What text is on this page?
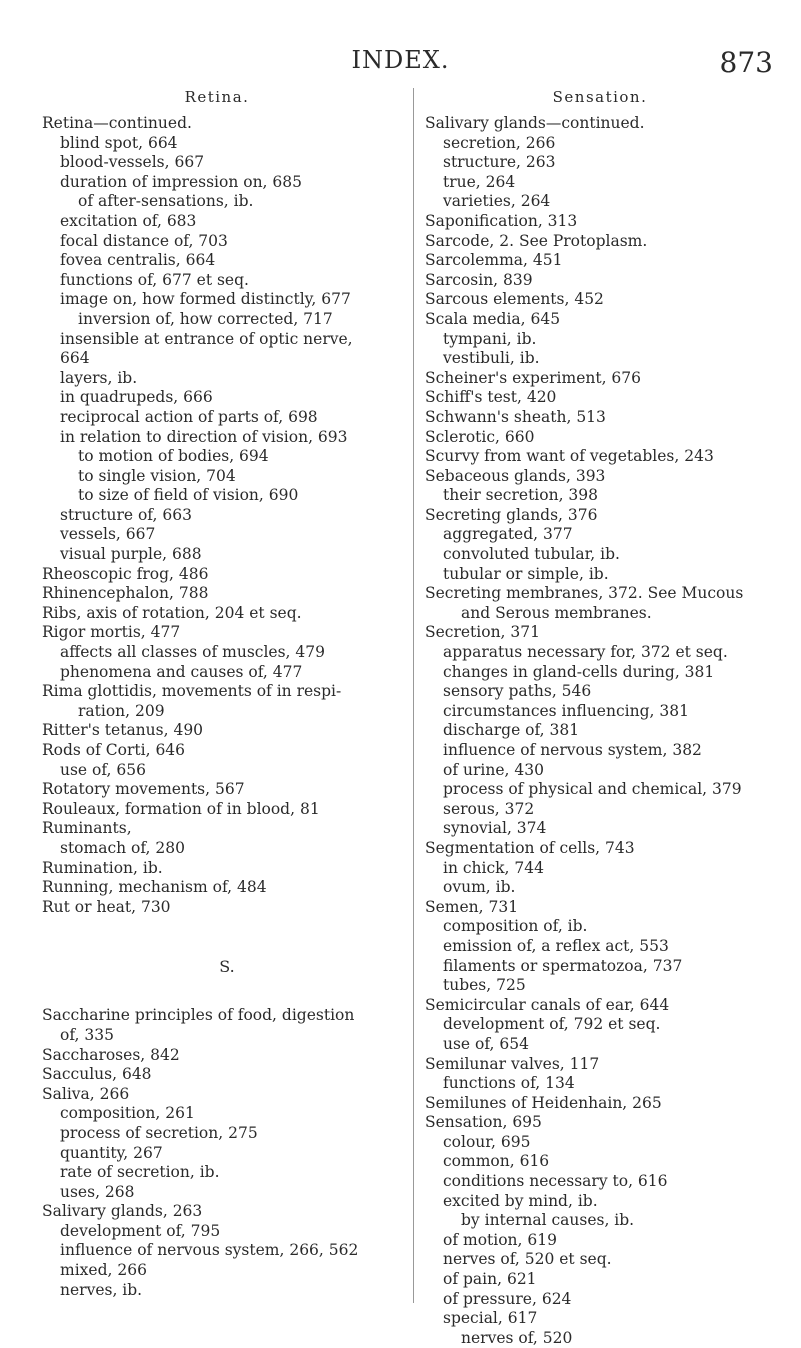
INDEX.	873
Retina.
Retina—continued.
blind spot, 664
blood-vessels, 667
duration of impression on, 685
of after-sensations, ib.
excitation of, 683
focal distance of, 703
fovea centralis, 664
functions of, 677 et seq.
image on, how formed distinctly, 677
inversion of, how corrected, 717
insensible at entrance of optic nerve,
664
layers, ib.
in quadrupeds, 666
reciprocal action of parts of, 698
in relation to direction of vision, 693
to motion of bodies, 694
to single vision, 704
to size of field of vision, 690
structure of, 663
vessels, 667
visual purple, 688
Rheoscopic frog, 486
Rhinencephalon, 788
Ribs, axis of rotation, 204 et seq.
Rigor mortis, 477
affects all classes of muscles, 479
phenomena and causes of, 477
Rima glottidis, movements of in respi-
ration, 209
Ritter's tetanus, 490
Rods of Corti, 646
use of, 656
Rotatory movements, 567
Rouleaux, formation of in blood, 81
Ruminants,
stomach of, 280
Rumination, ib.
Running, mechanism of, 484
Rut or heat, 730
S.
Saccharine principles of food, digestion
of, 335
Saccharoses, 842
Sacculus, 648
Saliva, 266
composition, 261
process of secretion, 275
quantity, 267
rate of secretion, ib.
uses, 268
Salivary glands, 263
development of, 795
influence of nervous system, 266, 562
mixed, 266
nerves, ib.
Sensation.
Salivary glands—continued.
secretion, 266
structure, 263
true, 264
varieties, 264
Saponification, 313
Sarcode, 2. See Protoplasm.
Sarcolemma, 451
Sarcosin, 839
Sarcous elements, 452
Scala media, 645
tympani, ib.
vestibuli, ib.
Scheiner's experiment, 676
Schiff's test, 420
Schwann's sheath, 513
Sclerotic, 660
Scurvy from want of vegetables, 243
Sebaceous glands, 393
their secretion, 398
Secreting glands, 376
aggregated, 377
convoluted tubular, ib.
tubular or simple, ib.
Secreting membranes, 372. See Mucous
and Serous membranes.
Secretion, 371
apparatus necessary for, 372 et seq.
changes in gland-cells during, 381
sensory paths, 546
circumstances influencing, 381
discharge of, 381
influence of nervous system, 382
of urine, 430
process of physical and chemical, 379
serous, 372
synovial, 374
Segmentation of cells, 743
in chick, 744
ovum, ib.
Semen, 731
composition of, ib.
emission of, a reflex act, 553
filaments or spermatozoa, 737
tubes, 725
Semicircular canals of ear, 644
development of, 792 et seq.
use of, 654
Semilunar valves, 117
functions of, 134
Semilunes of Heidenhain, 265
Sensation, 695
colour, 695
common, 616
conditions necessary to, 616
excited by mind, ib.
by internal causes, ib.
of motion, 619
nerves of, 520 et seq.
of pain, 621
of pressure, 624
special, 617
nerves of, 520
